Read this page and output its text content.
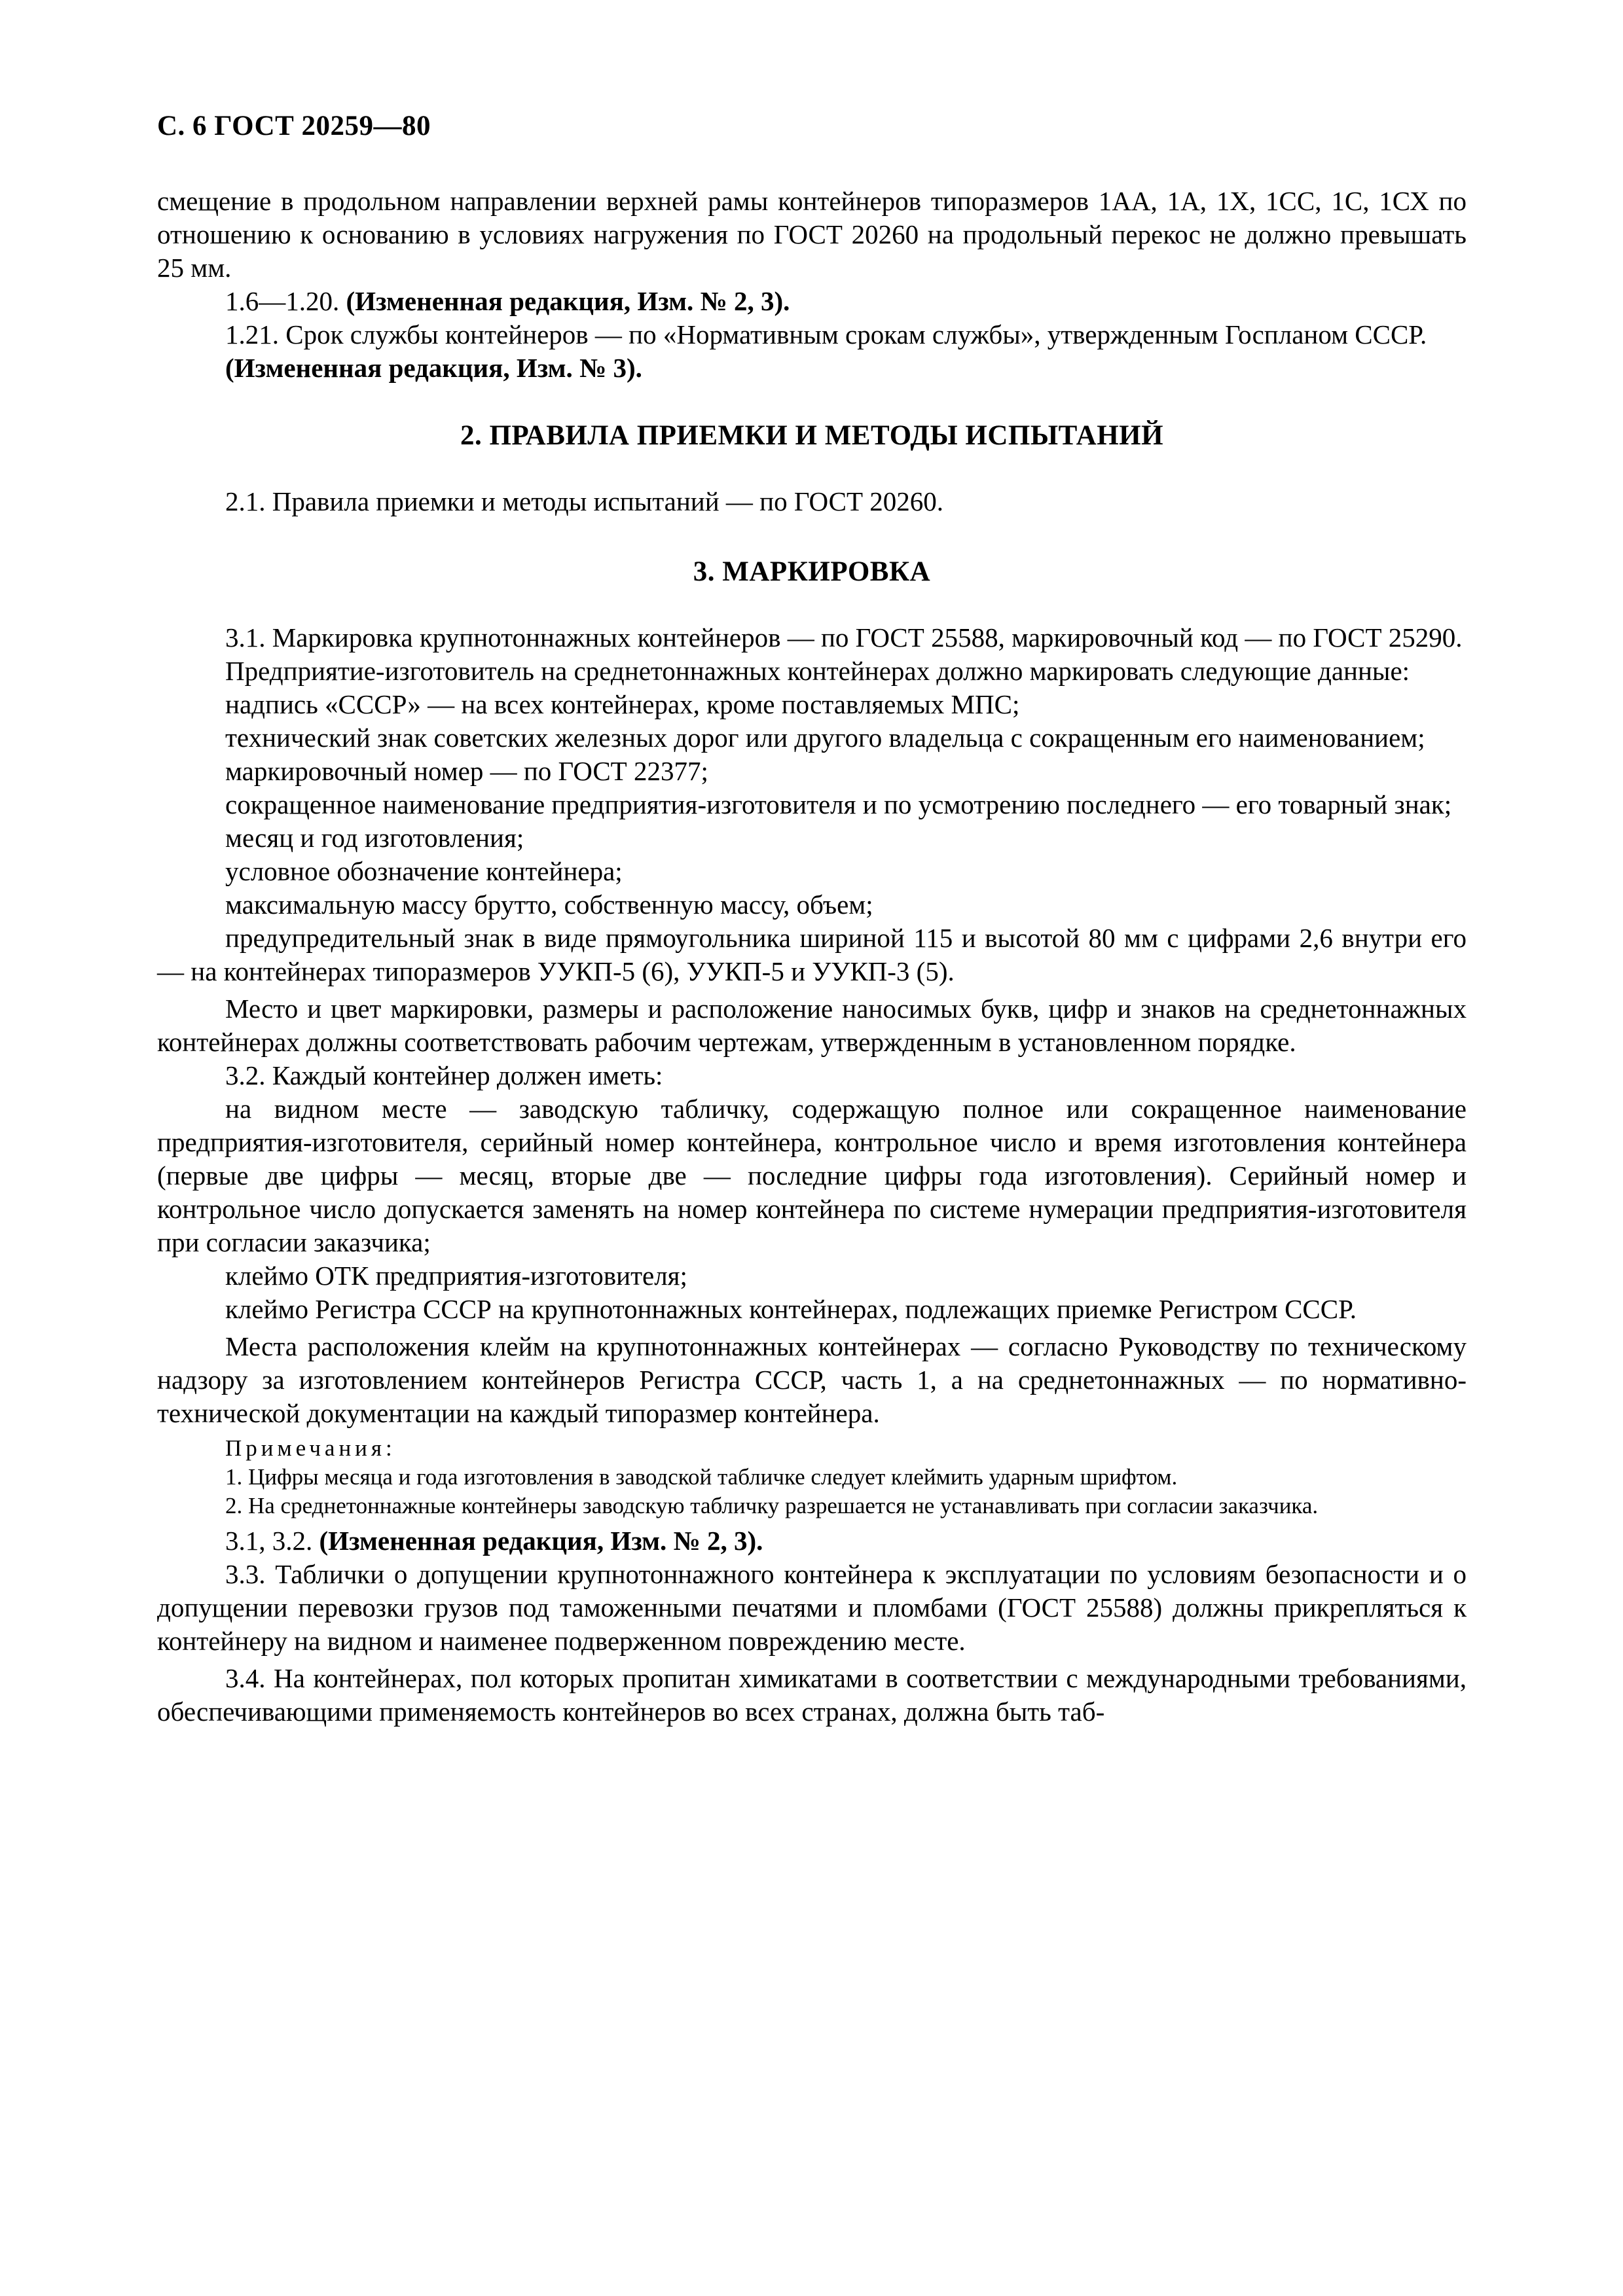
С. 6 ГОСТ 20259—80

смещение в продольном направлении верхней рамы контейнеров типоразмеров 1АА, 1А, 1Х, 1СС, 1С, 1СХ по отношению к основанию в условиях нагружения по ГОСТ 20260 на продольный перекос не должно превышать 25 мм.

1.6—1.20. (Измененная редакция, Изм. № 2, 3).

1.21. Срок службы контейнеров — по «Нормативным срокам службы», утвержденным Госпланом СССР.

(Измененная редакция, Изм. № 3).

2. ПРАВИЛА ПРИЕМКИ И МЕТОДЫ ИСПЫТАНИЙ

2.1. Правила приемки и методы испытаний — по ГОСТ 20260.

3. МАРКИРОВКА

3.1. Маркировка крупнотоннажных контейнеров — по ГОСТ 25588, маркировочный код — по ГОСТ 25290.

Предприятие-изготовитель на среднетоннажных контейнерах должно маркировать следующие данные:

надпись «СССР» — на всех контейнерах, кроме поставляемых МПС;

технический знак советских железных дорог или другого владельца с сокращенным его наименованием;

маркировочный номер — по ГОСТ 22377;

сокращенное наименование предприятия-изготовителя и по усмотрению последнего — его товарный знак;

месяц и год изготовления;

условное обозначение контейнера;

максимальную массу брутто, собственную массу, объем;

предупредительный знак в виде прямоугольника шириной 115 и высотой 80 мм с цифрами 2,6 внутри его — на контейнерах типоразмеров УУКП-5 (6), УУКП-5 и УУКП-3 (5).

Место и цвет маркировки, размеры и расположение наносимых букв, цифр и знаков на среднетоннажных контейнерах должны соответствовать рабочим чертежам, утвержденным в установленном порядке.

3.2. Каждый контейнер должен иметь:

на видном месте — заводскую табличку, содержащую полное или сокращенное наименование предприятия-изготовителя, серийный номер контейнера, контрольное число и время изготовления контейнера (первые две цифры — месяц, вторые две — последние цифры года изготовления). Серийный номер и контрольное число допускается заменять на номер контейнера по системе нумерации предприятия-изготовителя при согласии заказчика;

клеймо ОТК предприятия-изготовителя;

клеймо Регистра СССР на крупнотоннажных контейнерах, подлежащих приемке Регистром СССР.

Места расположения клейм на крупнотоннажных контейнерах — согласно Руководству по техническому надзору за изготовлением контейнеров Регистра СССР, часть 1, а на среднетоннажных — по нормативно-технической документации на каждый типоразмер контейнера.

Примечания:

1. Цифры месяца и года изготовления в заводской табличке следует клеймить ударным шрифтом.

2. На среднетоннажные контейнеры заводскую табличку разрешается не устанавливать при согласии заказчика.

3.1, 3.2. (Измененная редакция, Изм. № 2, 3).

3.3. Таблички о допущении крупнотоннажного контейнера к эксплуатации по условиям безопасности и о допущении перевозки грузов под таможенными печатями и пломбами (ГОСТ 25588) должны прикрепляться к контейнеру на видном и наименее подверженном повреждению месте.

3.4. На контейнерах, пол которых пропитан химикатами в соответствии с международными требованиями, обеспечивающими применяемость контейнеров во всех странах, должна быть таб-
